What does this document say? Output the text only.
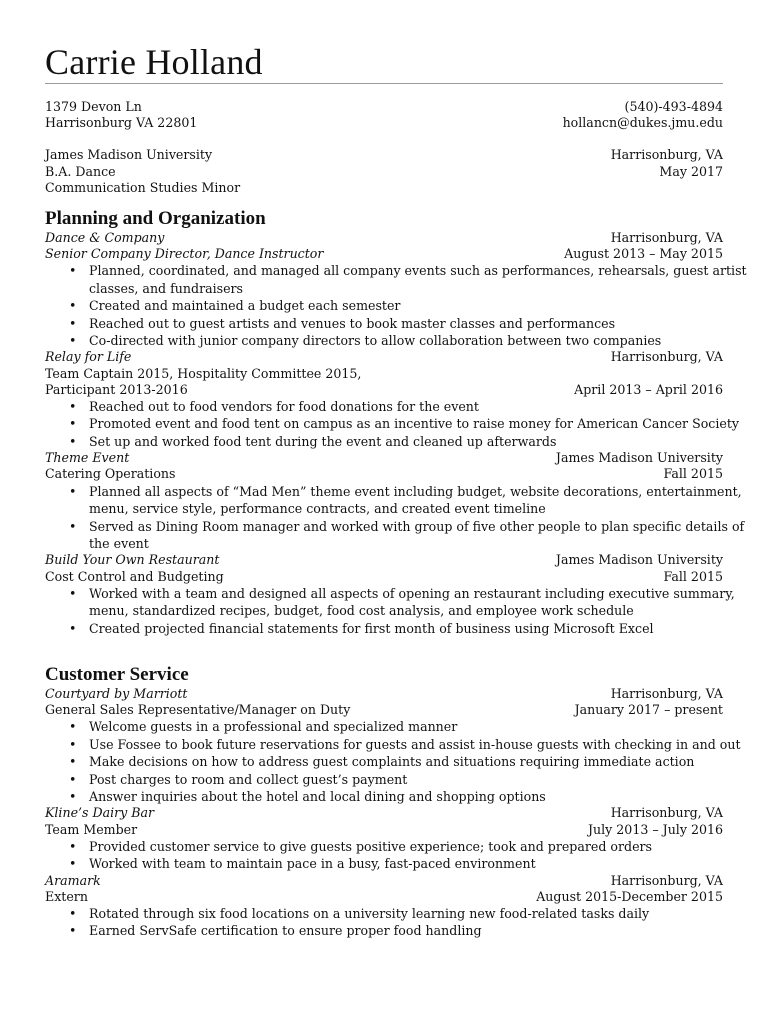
Carrie Holland
1379 Devon Ln	(540)-493-4894
Harrisonburg VA 22801	hollancn@dukes.jmu.edu
James Madison University	Harrisonburg, VA
B.A. Dance	May 2017
Communication Studies Minor
Planning and Organization
Dance & Company	Harrisonburg, VA
Senior Company Director, Dance Instructor	August 2013 – May 2015
• Planned, coordinated, and managed all company events such as performances, rehearsals, guest artist
classes, and fundraisers
• Created and maintained a budget each semester
• Reached out to guest artists and venues to book master classes and performances
• Co-directed with junior company directors to allow collaboration between two companies
Relay for Life	Harrisonburg, VA
Team Captain 2015, Hospitality Committee 2015,
Participant 2013-2016	April 2013 – April 2016
• Reached out to food vendors for food donations for the event
• Promoted event and food tent on campus as an incentive to raise money for American Cancer Society
• Set up and worked food tent during the event and cleaned up afterwards
Theme Event	James Madison University
Catering Operations	Fall 2015
• Planned all aspects of “Mad Men” theme event including budget, website decorations, entertainment,
menu, service style, performance contracts, and created event timeline
• Served as Dining Room manager and worked with group of five other people to plan specific details of
the event
Build Your Own Restaurant	James Madison University
Cost Control and Budgeting	Fall 2015
• Worked with a team and designed all aspects of opening an restaurant including executive summary,
menu, standardized recipes, budget, food cost analysis, and employee work schedule
• Created projected financial statements for first month of business using Microsoft Excel
Customer Service
Courtyard by Marriott	Harrisonburg, VA
General Sales Representative/Manager on Duty	January 2017 – present
• Welcome guests in a professional and specialized manner
• Use Fossee to book future reservations for guests and assist in-house guests with checking in and out
• Make decisions on how to address guest complaints and situations requiring immediate action
• Post charges to room and collect guest’s payment
• Answer inquiries about the hotel and local dining and shopping options
Kline’s Dairy Bar	Harrisonburg, VA
Team Member	July 2013 – July 2016
• Provided customer service to give guests positive experience; took and prepared orders
• Worked with team to maintain pace in a busy, fast-paced environment
Aramark	Harrisonburg, VA
Extern	August 2015-December 2015
• Rotated through six food locations on a university learning new food-related tasks daily
• Earned ServSafe certification to ensure proper food handling
